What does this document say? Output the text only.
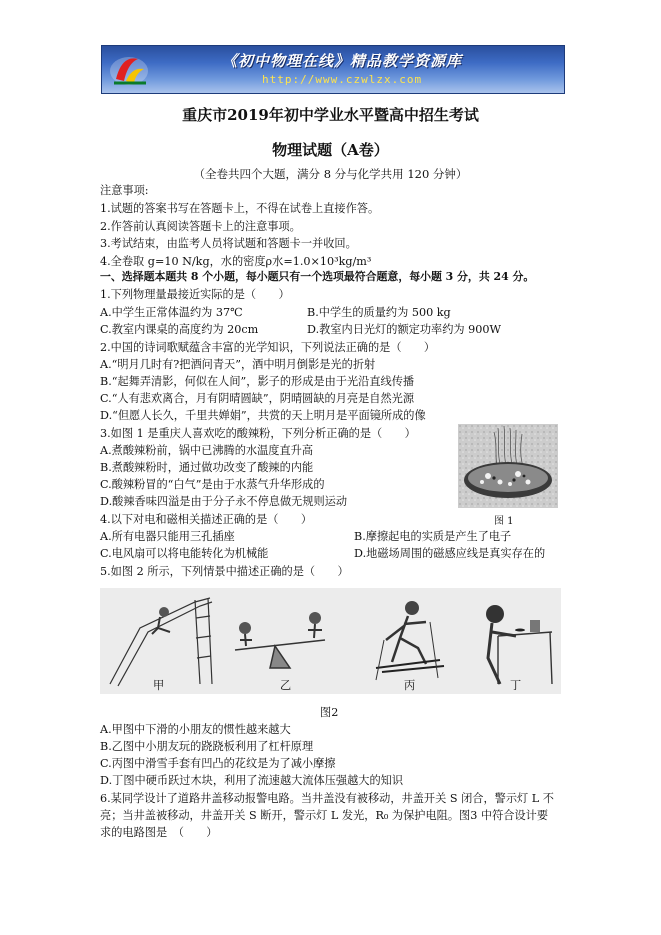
《初中物理在线》精品教学资源库
http://www.czwlzx.com
重庆市2019年初中学业水平暨高中招生考试
物理试题（A卷）
（全卷共四个大题，满分 8 分与化学共用 120 分钟）
注意事项:
1.试题的答案书写在答题卡上，不得在试卷上直接作答。
2.作答前认真阅读答题卡上的注意事项。
3.考试结束，由监考人员将试题和答题卡一并收回。
4.全卷取 g=10 N/kg，水的密度ρ水=1.0×10³kg/m³
一、选择题本题共 8 个小题，每小题只有一个选项最符合题意，每小题 3 分，共 24 分。
1.下列物理量最接近实际的是（　　）
A.中学生正常体温约为 37℃	B.中学生的质量约为 500 kg
C.教室内课桌的高度约为 20cm	D.教室内日光灯的额定功率约为 900W
2.中国的诗词歌赋蕴含丰富的光学知识，下列说法正确的是（　　）
A.“明月几时有?把酒问青天”，酒中明月倒影是光的折射
B.“起舞弄清影，何似在人间”，影子的形成是由于光沿直线传播
C.“人有悲欢离合，月有阴晴圆缺”，阴晴圆缺的月亮是自然光源
D.“但愿人长久，千里共婵娟”，共赏的天上明月是平面镜所成的像
3.如图 1 是重庆人喜欢吃的酸辣粉，下列分析正确的是（　　）
A.煮酸辣粉前，锅中已沸腾的水温度直升高
B.煮酸辣粉时，通过做功改变了酸辣的内能
C.酸辣粉冒的“白气”是由于水蒸气升华形成的
D.酸辣香味四溢是由于分子永不停息做无规则运动
图 1
4.以下对电和磁相关描述正确的是（　　）
A.所有电器只能用三孔插座	B.摩擦起电的实质是产生了电子
C.电风扇可以将电能转化为机械能	D.地磁场周围的磁感应线是真实存在的
5.如图 2 所示，下列情景中描述正确的是（　　）
甲	乙	丙	丁
图2
A.甲图中下滑的小朋友的惯性越来越大
B.乙图中小朋友玩的跷跷板利用了杠杆原理
C.丙图中滑雪手套有凹凸的花纹是为了减小摩擦
D.丁图中硬币跃过木块，利用了流速越大流体压强越大的知识
6.某同学设计了道路井盖移动报警电路。当井盖没有被移动，井盖开关 S 闭合，警示灯 L 不
亮；当井盖被移动，井盖开关 S 断开，警示灯 L 发光，R₀ 为保护电阻。图3 中符合设计要
求的电路图是　（　　）
